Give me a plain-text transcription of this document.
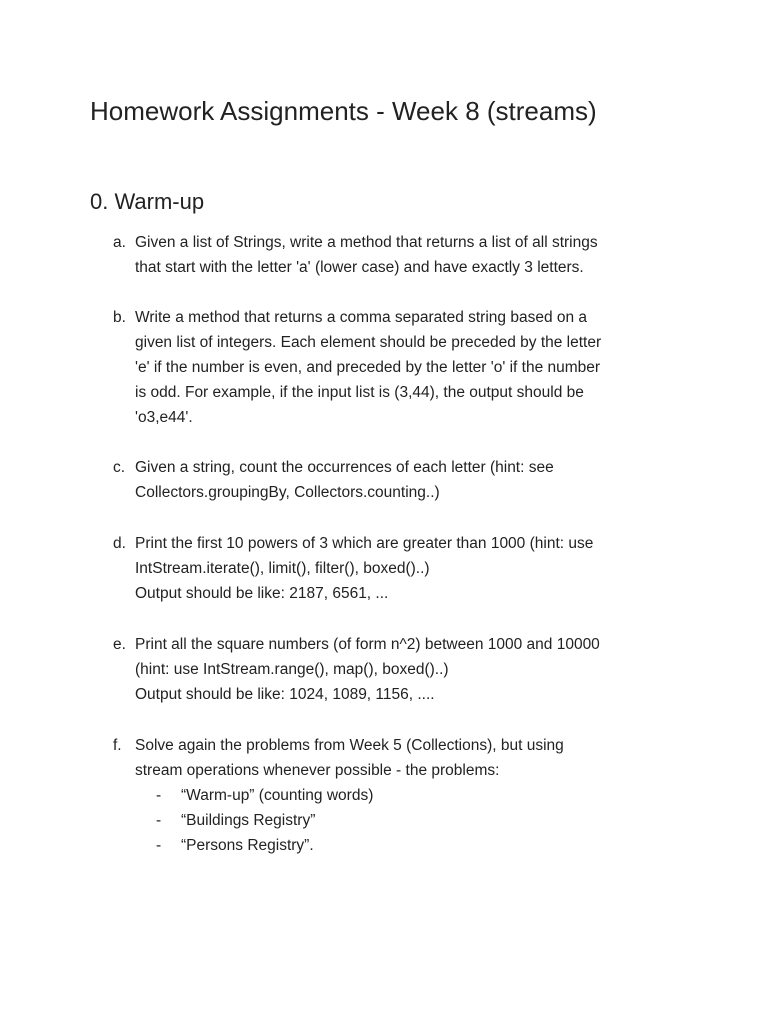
Homework Assignments - Week 8 (streams)
0. Warm-up
a. Given a list of Strings, write a method that returns a list of all strings
that start with the letter 'a' (lower case) and have exactly 3 letters.
b. Write a method that returns a comma separated string based on a
given list of integers. Each element should be preceded by the letter
'e' if the number is even, and preceded by the letter 'o' if the number
is odd. For example, if the input list is (3,44), the output should be
'o3,e44'.
c. Given a string, count the occurrences of each letter (hint: see
Collectors.groupingBy, Collectors.counting..)
d. Print the first 10 powers of 3 which are greater than 1000 (hint: use
IntStream.iterate(), limit(), filter(), boxed()..)
Output should be like: 2187, 6561, ...
e. Print all the square numbers (of form n^2) between 1000 and 10000
(hint: use IntStream.range(), map(), boxed()..)
Output should be like: 1024, 1089, 1156, ....
f. Solve again the problems from Week 5 (Collections), but using
stream operations whenever possible - the problems:
- “Warm-up” (counting words)
- “Buildings Registry”
- “Persons Registry”.
